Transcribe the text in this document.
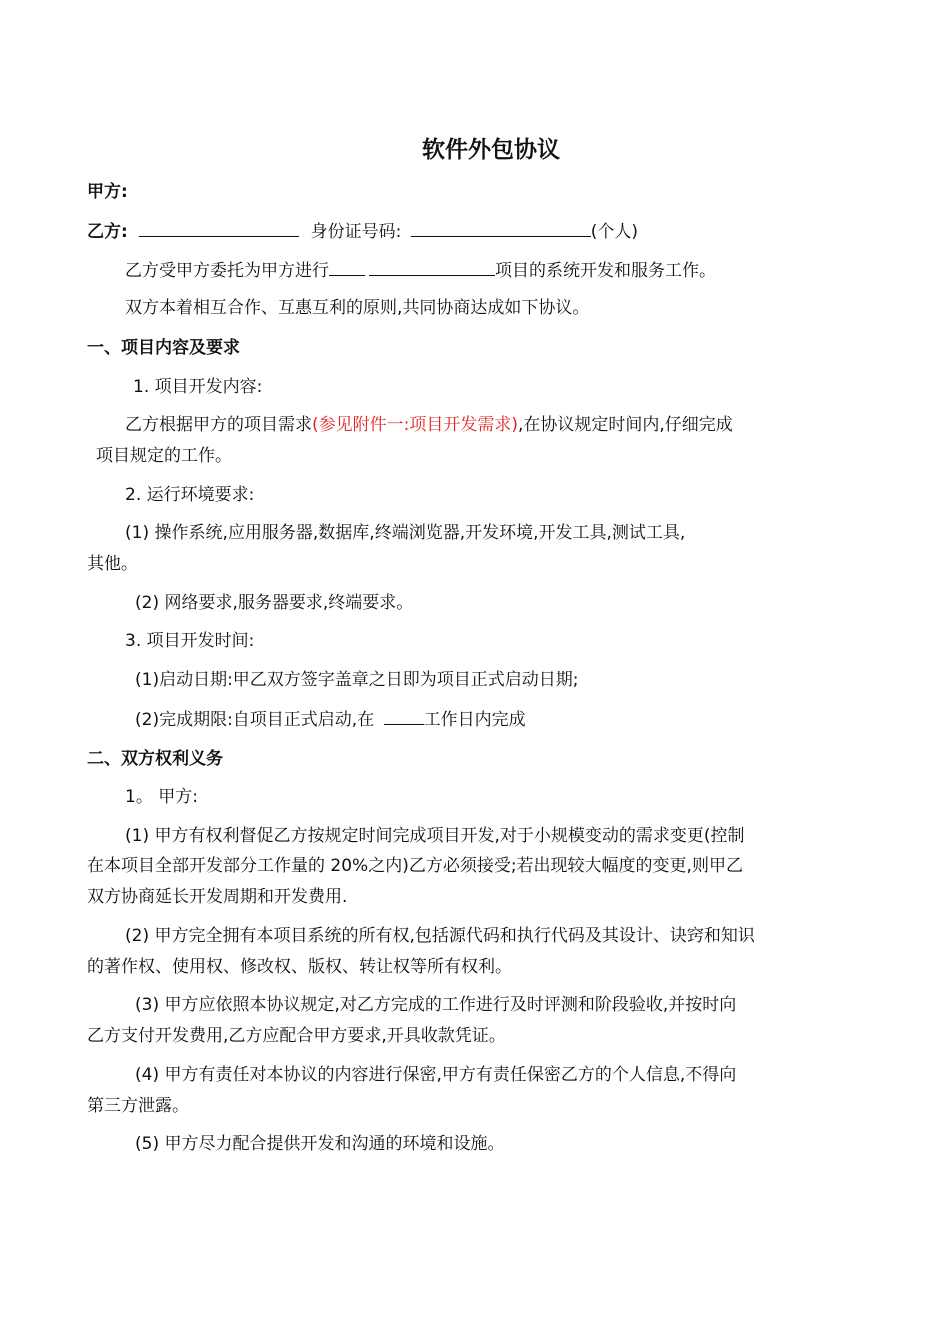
软件外包协议
甲方:
乙方:	身份证号码:	(个人)
乙方受甲方委托为甲方进行	项目的系统开发和服务工作。
双方本着相互合作、互惠互利的原则,共同协商达成如下协议。
一、项目内容及要求
1. 项目开发内容:
乙方根据甲方的项目需求(参见附件一:项目开发需求),在协议规定时间内,仔细完成
项目规定的工作。
2. 运行环境要求:
(1) 操作系统,应用服务器,数据库,终端浏览器,开发环境,开发工具,测试工具,
其他。
(2) 网络要求,服务器要求,终端要求。
3. 项目开发时间:
(1)启动日期:甲乙双方签字盖章之日即为项目正式启动日期;
(2)完成期限:自项目正式启动,在	工作日内完成
二、双方权利义务
1。 甲方:
(1) 甲方有权利督促乙方按规定时间完成项目开发,对于小规模变动的需求变更(控制
在本项目全部开发部分工作量的 20%之内)乙方必须接受;若出现较大幅度的变更,则甲乙
双方协商延长开发周期和开发费用.
(2) 甲方完全拥有本项目系统的所有权,包括源代码和执行代码及其设计、诀窍和知识
的著作权、使用权、修改权、版权、转让权等所有权利。
(3) 甲方应依照本协议规定,对乙方完成的工作进行及时评测和阶段验收,并按时向
乙方支付开发费用,乙方应配合甲方要求,开具收款凭证。
(4) 甲方有责任对本协议的内容进行保密,甲方有责任保密乙方的个人信息,不得向
第三方泄露。
(5) 甲方尽力配合提供开发和沟通的环境和设施。
